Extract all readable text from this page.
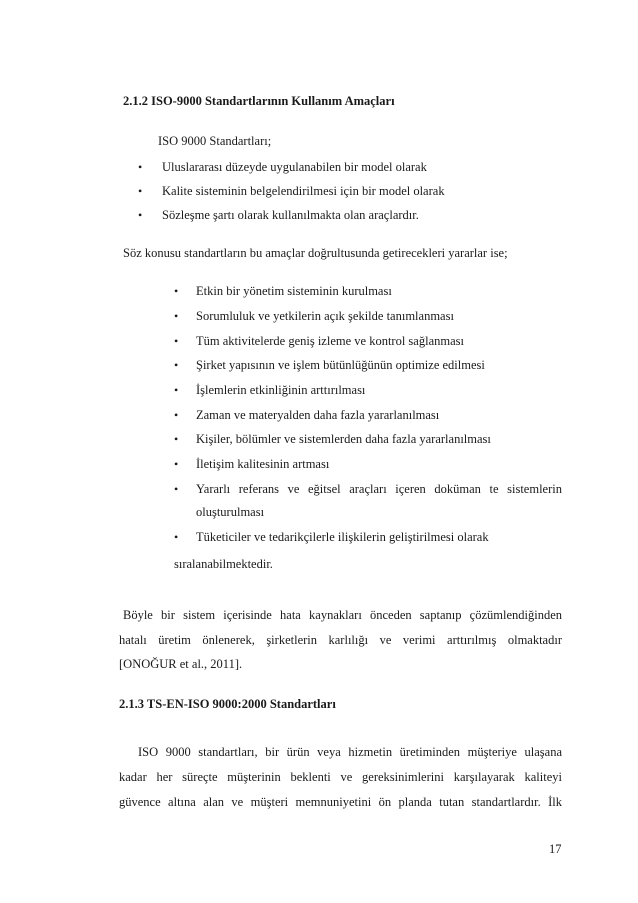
2.1.2 ISO-9000 Standartlarının Kullanım Amaçları
ISO 9000 Standartları;
• Uluslararası düzeyde uygulanabilen bir model olarak
• Kalite sisteminin belgelendirilmesi için bir model olarak
• Sözleşme şartı olarak kullanılmakta olan araçlardır.
Söz konusu standartların bu amaçlar doğrultusunda getirecekleri yararlar ise;
• Etkin bir yönetim sisteminin kurulması
• Sorumluluk ve yetkilerin açık şekilde tanımlanması
• Tüm aktivitelerde geniş izleme ve kontrol sağlanması
• Şirket yapısının ve işlem bütünlüğünün optimize edilmesi
• İşlemlerin etkinliğinin arttırılması
• Zaman ve materyalden daha fazla yararlanılması
• Kişiler, bölümler ve sistemlerden daha fazla yararlanılması
• İletişim kalitesinin artması
• Yararlı referans ve eğitsel araçları içeren doküman te sistemlerin
oluşturulması
• Tüketiciler ve tedarikçilerle ilişkilerin geliştirilmesi olarak
sıralanabilmektedir.
Böyle bir sistem içerisinde hata kaynakları önceden saptanıp çözümlendiğinden
hatalı üretim önlenerek, şirketlerin karlılığı ve verimi arttırılmış olmaktadır
[ONOĞUR et al., 2011].
2.1.3 TS-EN-ISO 9000:2000 Standartları
ISO 9000 standartları, bir ürün veya hizmetin üretiminden müşteriye ulaşana
kadar her süreçte müşterinin beklenti ve gereksinimlerini karşılayarak kaliteyi
güvence altına alan ve müşteri memnuniyetini ön planda tutan standartlardır. İlk
17
